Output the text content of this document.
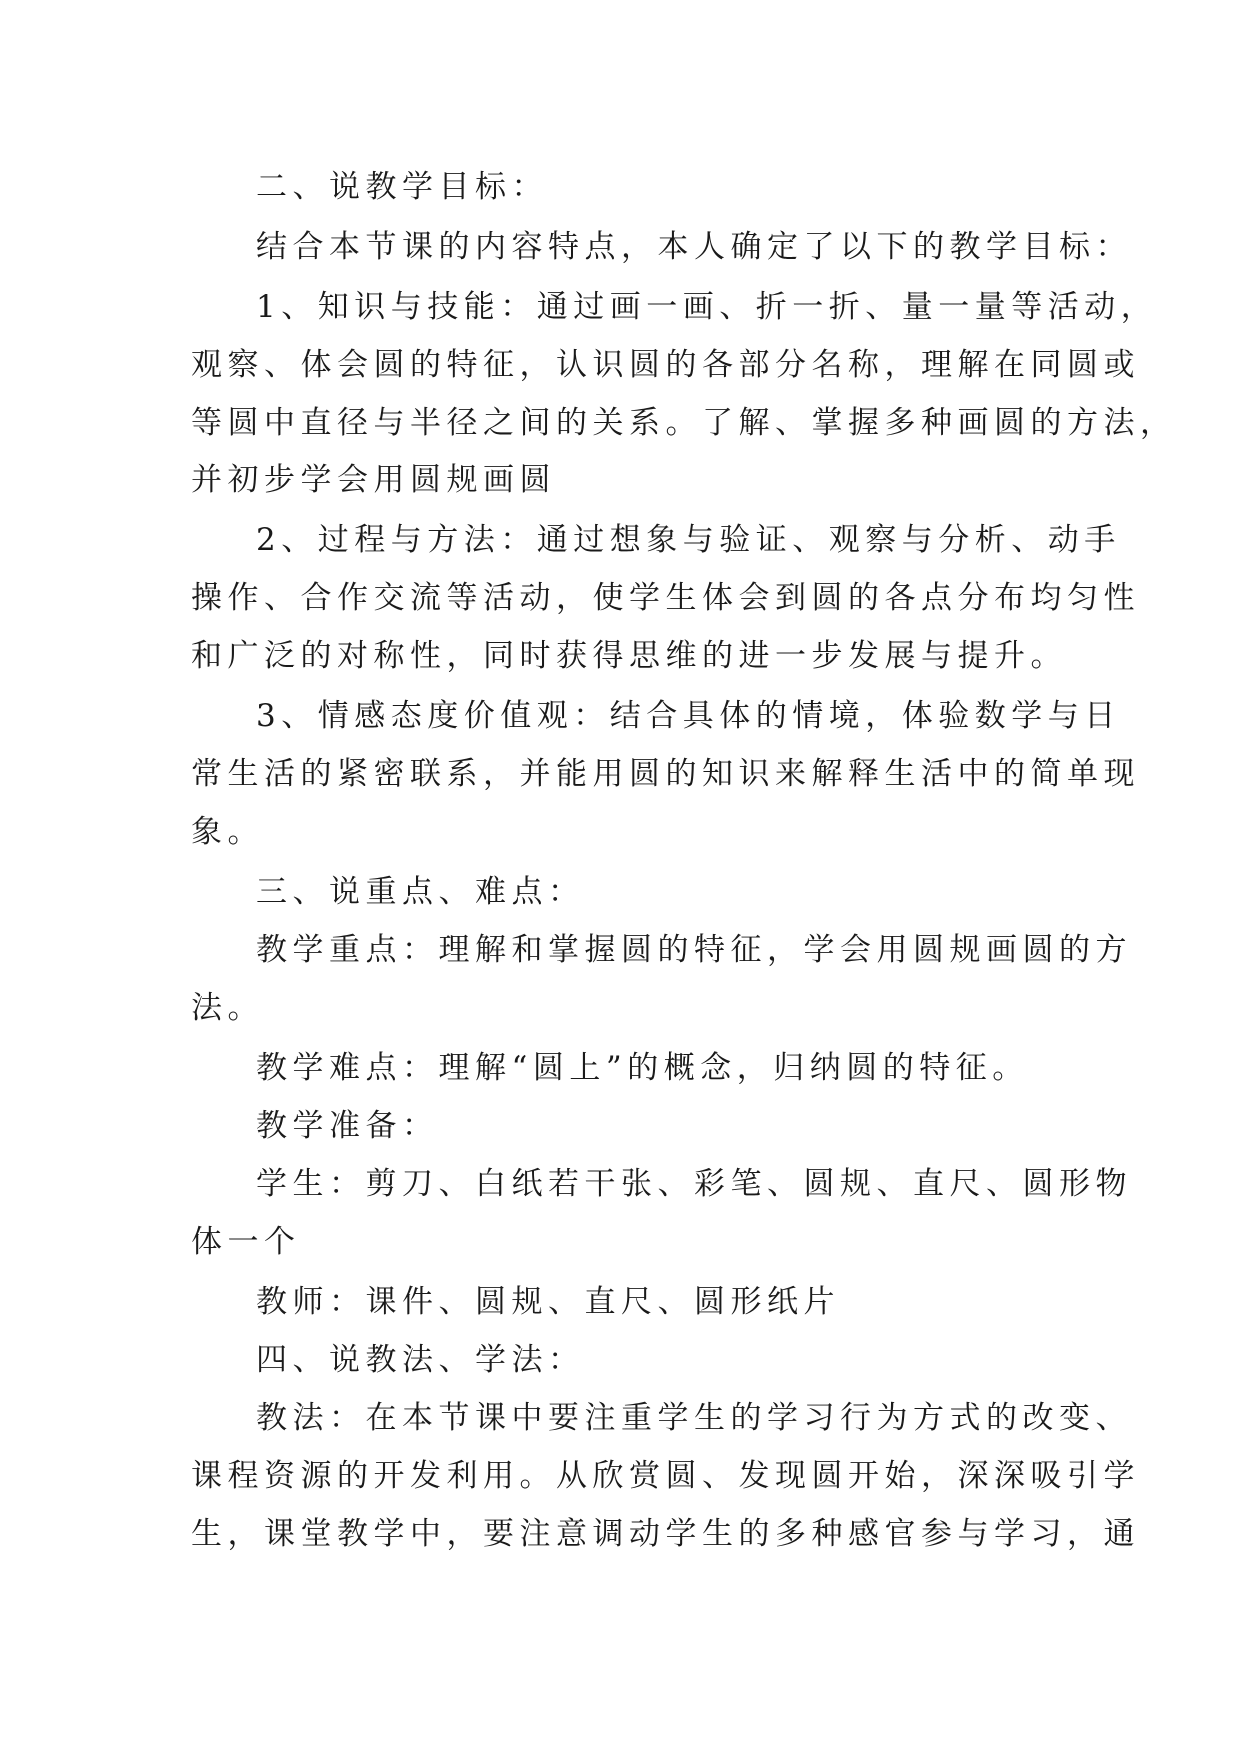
二、说教学目标：
结合本节课的内容特点，本人确定了以下的教学目标：
1、知识与技能：通过画一画、折一折、量一量等活动，
观察、体会圆的特征，认识圆的各部分名称，理解在同圆或
等圆中直径与半径之间的关系。了解、掌握多种画圆的方法，
并初步学会用圆规画圆
2、过程与方法：通过想象与验证、观察与分析、动手
操作、合作交流等活动，使学生体会到圆的各点分布均匀性
和广泛的对称性，同时获得思维的进一步发展与提升。
3、情感态度价值观：结合具体的情境，体验数学与日
常生活的紧密联系，并能用圆的知识来解释生活中的简单现
象。
三、说重点、难点：
教学重点：理解和掌握圆的特征，学会用圆规画圆的方
法。
教学难点：理解“圆上”的概念，归纳圆的特征。
教学准备：
学生：剪刀、白纸若干张、彩笔、圆规、直尺、圆形物
体一个
教师：课件、圆规、直尺、圆形纸片
四、说教法、学法：
教法：在本节课中要注重学生的学习行为方式的改变、
课程资源的开发利用。从欣赏圆、发现圆开始，深深吸引学
生，课堂教学中，要注意调动学生的多种感官参与学习，通
